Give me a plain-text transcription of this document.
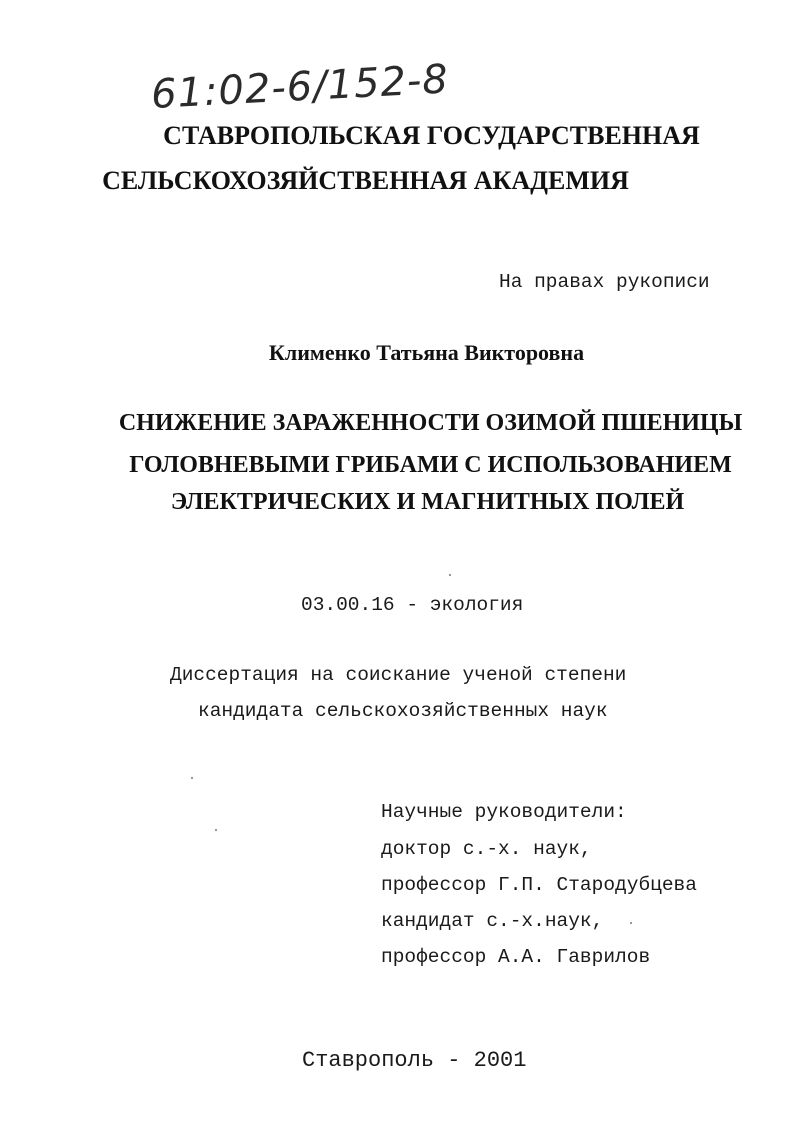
61:02-6/152-8
СТАВРОПОЛЬСКАЯ ГОСУДАРСТВЕННАЯ
СЕЛЬСКОХОЗЯЙСТВЕННАЯ АКАДЕМИЯ
На правах рукописи
Клименко Татьяна Викторовна
СНИЖЕНИЕ ЗАРАЖЕННОСТИ ОЗИМОЙ ПШЕНИЦЫ
ГОЛОВНЕВЫМИ ГРИБАМИ С ИСПОЛЬЗОВАНИЕМ
ЭЛЕКТРИЧЕСКИХ И МАГНИТНЫХ ПОЛЕЙ
03.00.16 - экология
Диссертация на соискание ученой степени
кандидата сельскохозяйственных наук
Научные руководители:
доктор с.-х. наук,
профессор Г.П. Стародубцева
кандидат с.-х.наук,
профессор А.А. Гаврилов
Ставрополь - 2001
